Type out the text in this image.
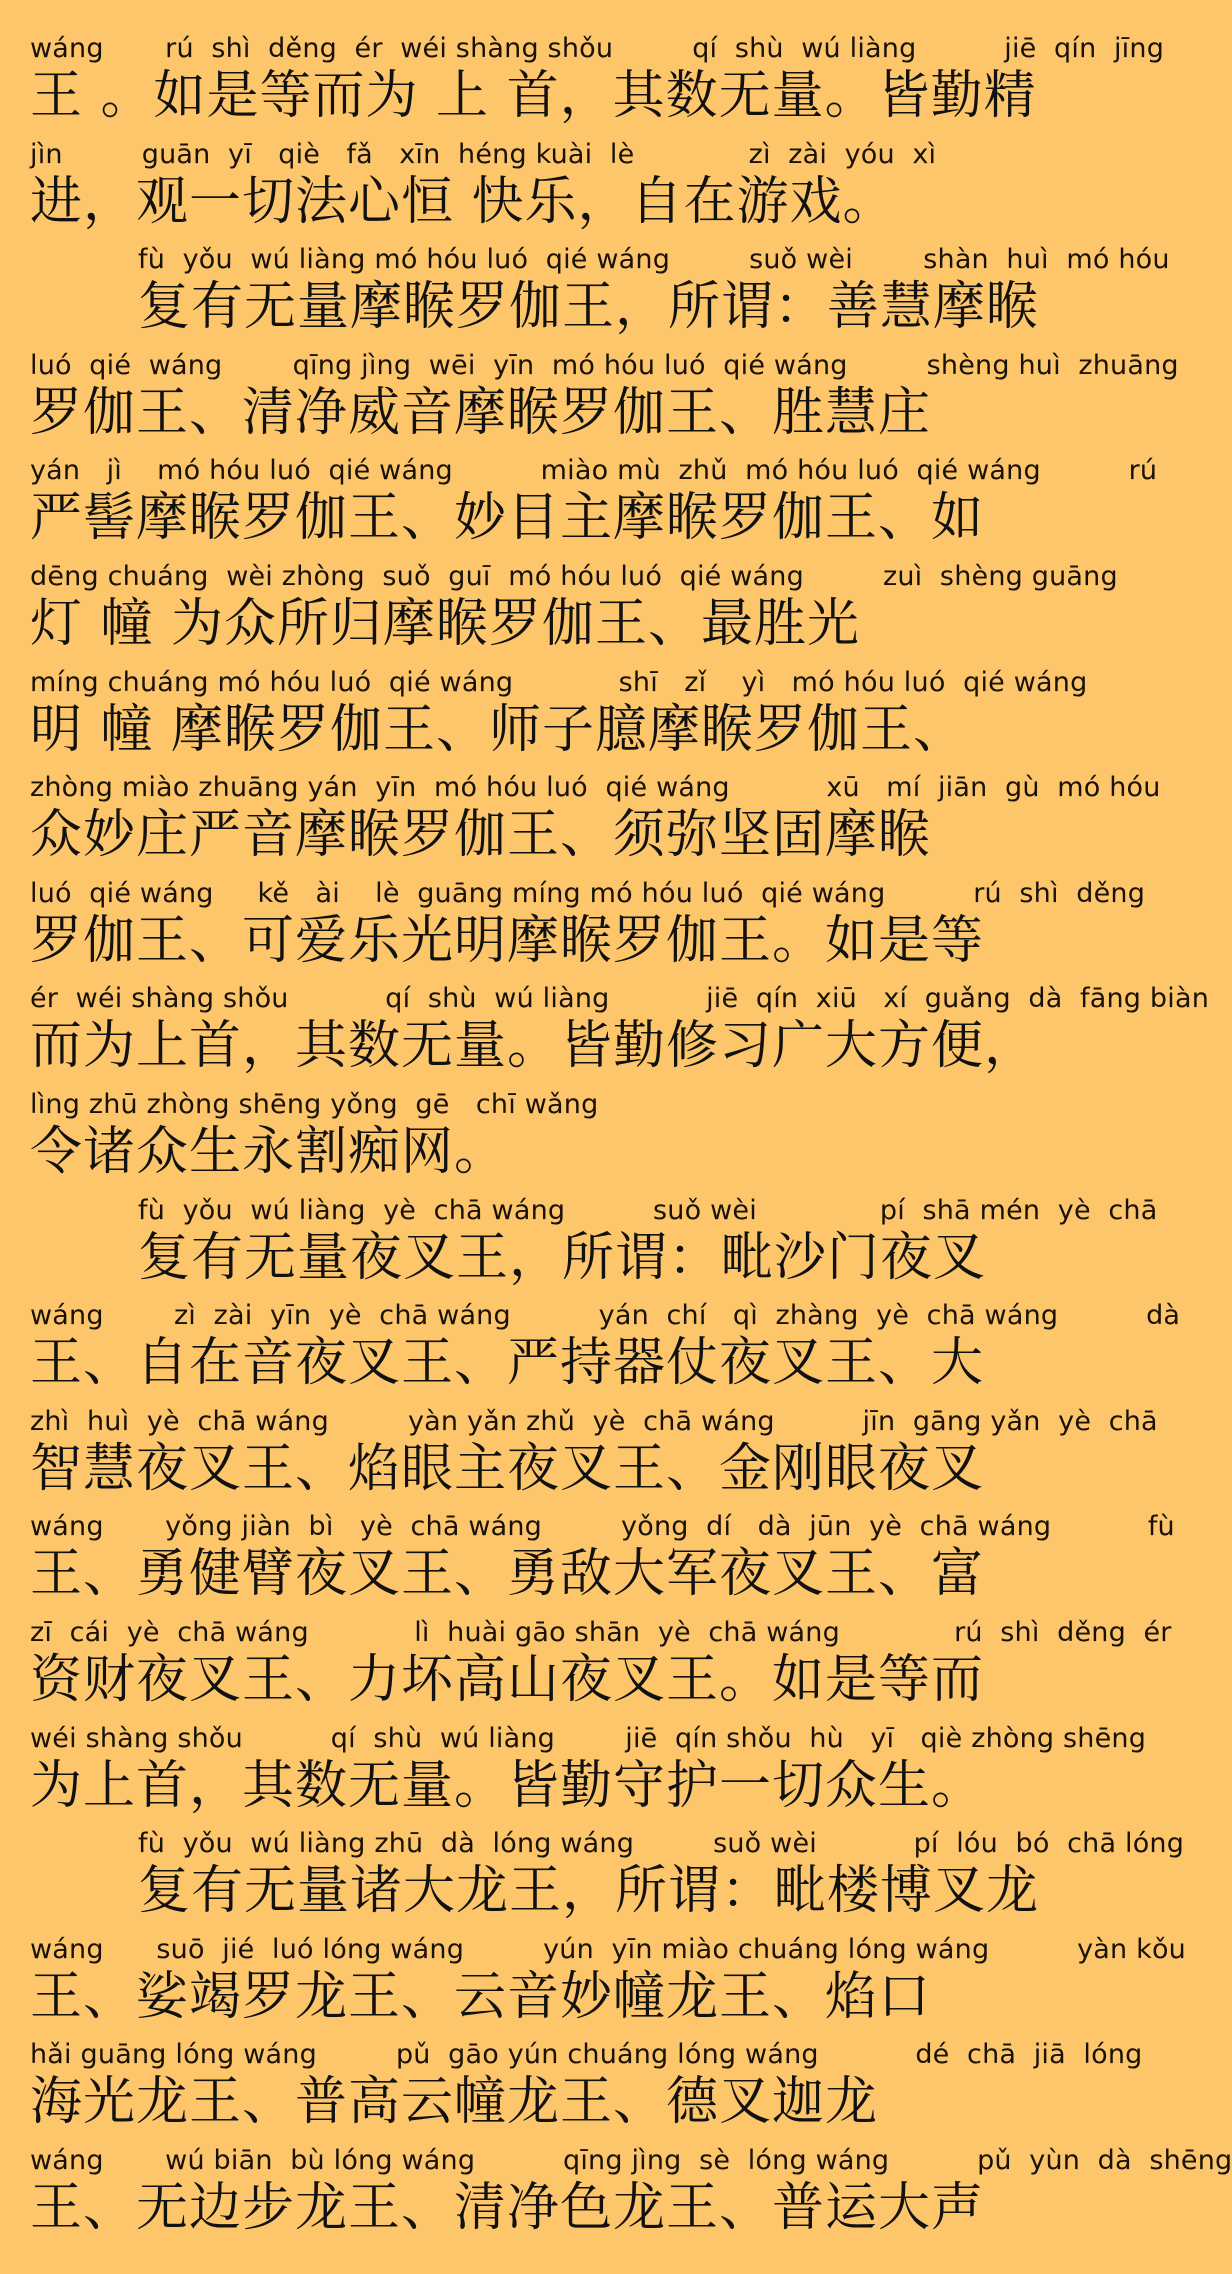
wáng       rú  shì  děng  ér  wéi shàng shǒu         qí  shù  wú liàng          jiē  qín  jīng
王 。如是等而为 上 首，其数无量。皆勤精
jìn         guān  yī   qiè   fǎ   xīn  héng kuài  lè             zì  zài  yóu  xì
进，观一切法心恒 快乐，自在游戏。
fù  yǒu  wú liàng mó hóu luó  qié wáng         suǒ wèi        shàn  huì  mó hóu
复有无量摩睺罗伽王，所谓：善慧摩睺
luó  qié  wáng        qīng jìng  wēi  yīn  mó hóu luó  qié wáng         shèng huì  zhuāng
罗伽王、清净威音摩睺罗伽王、胜慧庄
yán   jì    mó hóu luó  qié wáng          miào mù  zhǔ  mó hóu luó  qié wáng          rú
严髻摩睺罗伽王、妙目主摩睺罗伽王、如
dēng chuáng  wèi zhòng  suǒ  guī  mó hóu luó  qié wáng         zuì  shèng guāng
灯 幢 为众所归摩睺罗伽王、最胜光
míng chuáng mó hóu luó  qié wáng            shī   zǐ    yì   mó hóu luó  qié wáng
明 幢 摩睺罗伽王、师子臆摩睺罗伽王、
zhòng miào zhuāng yán  yīn  mó hóu luó  qié wáng           xū   mí  jiān  gù  mó hóu
众妙庄严音摩睺罗伽王、须弥坚固摩睺
luó  qié wáng     kě   ài    lè  guāng míng mó hóu luó  qié wáng          rú  shì  děng
罗伽王、可爱乐光明摩睺罗伽王。如是等
ér  wéi shàng shǒu           qí  shù  wú liàng           jiē  qín  xiū   xí  guǎng  dà  fāng biàn
而为上首，其数无量。皆勤修习广大方便，
lìng zhū zhòng shēng yǒng  gē   chī wǎng
令诸众生永割痴网。
fù  yǒu  wú liàng  yè  chā wáng          suǒ wèi              pí  shā mén  yè  chā
复有无量夜叉王，所谓：毗沙门夜叉
wáng        zì  zài  yīn  yè  chā wáng          yán  chí   qì  zhàng  yè  chā wáng          dà
王、自在音夜叉王、严持器仗夜叉王、大
zhì  huì  yè  chā wáng         yàn yǎn zhǔ  yè  chā wáng          jīn  gāng yǎn  yè  chā
智慧夜叉王、焰眼主夜叉王、金刚眼夜叉
wáng       yǒng jiàn  bì   yè  chā wáng         yǒng  dí   dà  jūn  yè  chā wáng           fù
王、勇健臂夜叉王、勇敌大军夜叉王、富
zī  cái  yè  chā wáng            lì  huài gāo shān  yè  chā wáng             rú  shì  děng  ér
资财夜叉王、力坏高山夜叉王。如是等而
wéi shàng shǒu          qí  shù  wú liàng        jiē  qín shǒu  hù   yī   qiè zhòng shēng
为上首，其数无量。皆勤守护一切众生。
fù  yǒu  wú liàng zhū  dà  lóng wáng         suǒ wèi           pí  lóu  bó  chā lóng
复有无量诸大龙王，所谓：毗楼博叉龙
wáng      suō  jié  luó lóng wáng         yún  yīn miào chuáng lóng wáng          yàn kǒu
王、娑竭罗龙王、云音妙幢龙王、焰口
hǎi guāng lóng wáng         pǔ  gāo yún chuáng lóng wáng           dé  chā  jiā  lóng
海光龙王、普高云幢龙王、德叉迦龙
wáng       wú biān  bù lóng wáng          qīng jìng  sè  lóng wáng          pǔ  yùn  dà  shēng
王、无边步龙王、清净色龙王、普运大声
